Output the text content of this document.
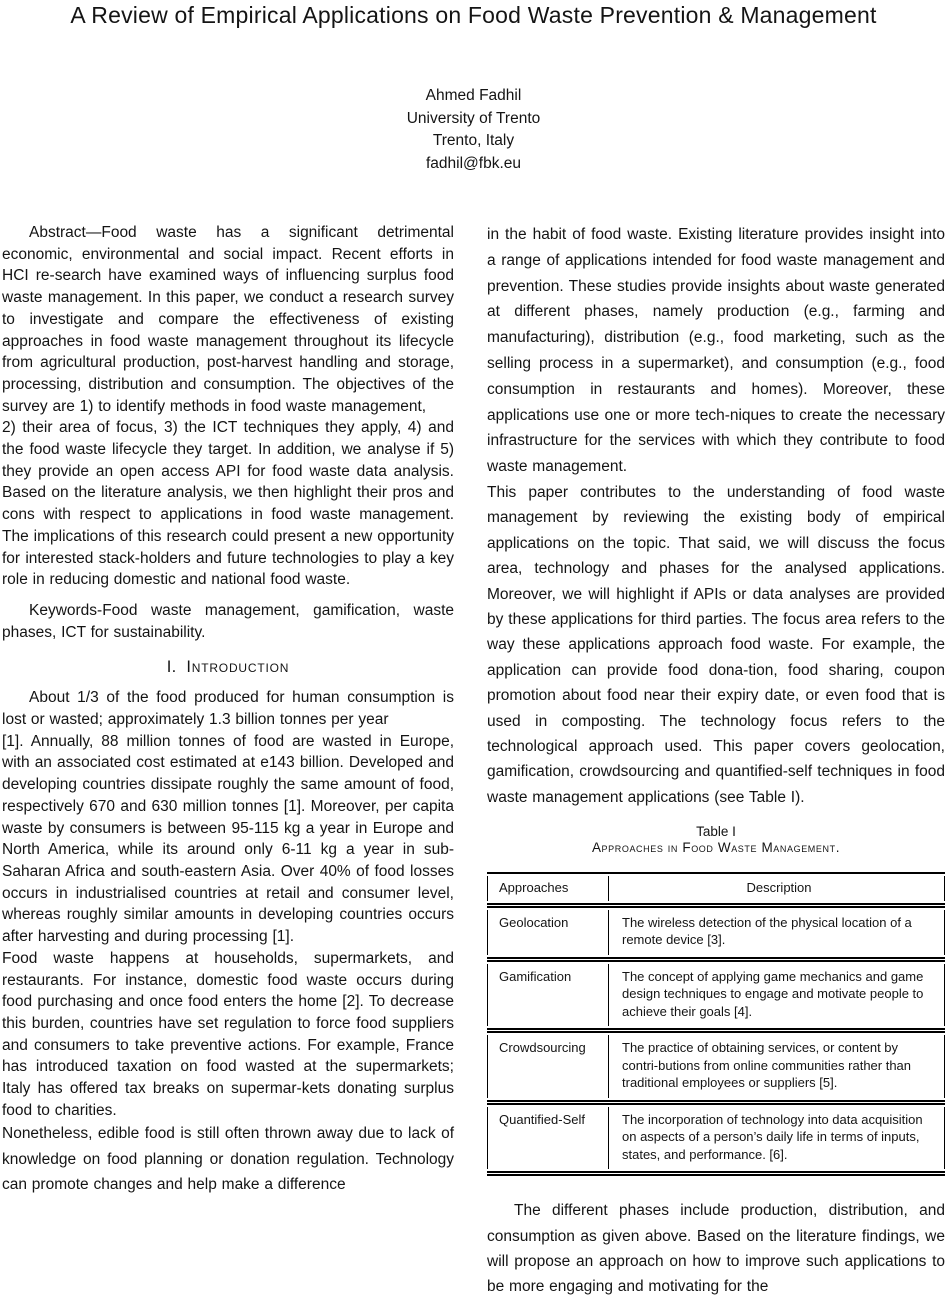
A Review of Empirical Applications on Food Waste Prevention & Management
Ahmed Fadhil
University of Trento
Trento, Italy
fadhil@fbk.eu

Abstract—Food waste has a significant detrimental economic, environmental and social impact. Recent efforts in HCI re-search have examined ways of influencing surplus food waste management. In this paper, we conduct a research survey to investigate and compare the effectiveness of existing approaches in food waste management throughout its lifecycle from agricultural production, post-harvest handling and storage, processing, distribution and consumption. The objectives of the survey are 1) to identify methods in food waste management,

2) their area of focus, 3) the ICT techniques they apply, 4) and the food waste lifecycle they target. In addition, we analyse if 5) they provide an open access API for food waste data analysis. Based on the literature analysis, we then highlight their pros and cons with respect to applications in food waste management. The implications of this research could present a new opportunity for interested stack-holders and future technologies to play a key role in reducing domestic and national food waste.

Keywords-Food waste management, gamification, waste phases, ICT for sustainability.

I. Introduction

About 1/3 of the food produced for human consumption is lost or wasted; approximately 1.3 billion tonnes per year

[1]. Annually, 88 million tonnes of food are wasted in Europe, with an associated cost estimated at e143 billion. Developed and developing countries dissipate roughly the same amount of food, respectively 670 and 630 million tonnes [1]. Moreover, per capita waste by consumers is between 95-115 kg a year in Europe and North America, while its around only 6-11 kg a year in sub-Saharan Africa and south-eastern Asia. Over 40% of food losses occurs in industrialised countries at retail and consumer level, whereas roughly similar amounts in developing countries occurs after harvesting and during processing [1].

Food waste happens at households, supermarkets, and restaurants. For instance, domestic food waste occurs during food purchasing and once food enters the home [2]. To decrease this burden, countries have set regulation to force food suppliers and consumers to take preventive actions. For example, France has introduced taxation on food wasted at the supermarkets; Italy has offered tax breaks on supermar-kets donating surplus food to charities.

Nonetheless, edible food is still often thrown away due to lack of knowledge on food planning or donation regulation. Technology can promote changes and help make a difference

in the habit of food waste. Existing literature provides insight into a range of applications intended for food waste management and prevention. These studies provide insights about waste generated at different phases, namely production (e.g., farming and manufacturing), distribution (e.g., food marketing, such as the selling process in a supermarket), and consumption (e.g., food consumption in restaurants and homes). Moreover, these applications use one or more tech-niques to create the necessary infrastructure for the services with which they contribute to food waste management.

This paper contributes to the understanding of food waste management by reviewing the existing body of empirical applications on the topic. That said, we will discuss the focus area, technology and phases for the analysed applications. Moreover, we will highlight if APIs or data analyses are provided by these applications for third parties. The focus area refers to the way these applications approach food waste. For example, the application can provide food dona-tion, food sharing, coupon promotion about food near their expiry date, or even food that is used in composting. The technology focus refers to the technological approach used. This paper covers geolocation, gamification, crowdsourcing and quantified-self techniques in food waste management applications (see Table I).

Table I
Approaches in Food Waste Management.
Approaches	Description
Geolocation	The wireless detection of the physical location of a remote device [3].
Gamification	The concept of applying game mechanics and game design techniques to engage and motivate people to achieve their goals [4].
Crowdsourcing	The practice of obtaining services, or content by contri-butions from online communities rather than traditional employees or suppliers [5].
Quantified-Self	The incorporation of technology into data acquisition on aspects of a person’s daily life in terms of inputs, states, and performance. [6].

The different phases include production, distribution, and consumption as given above. Based on the literature findings, we will propose an approach on how to improve such applications to be more engaging and motivating for the
